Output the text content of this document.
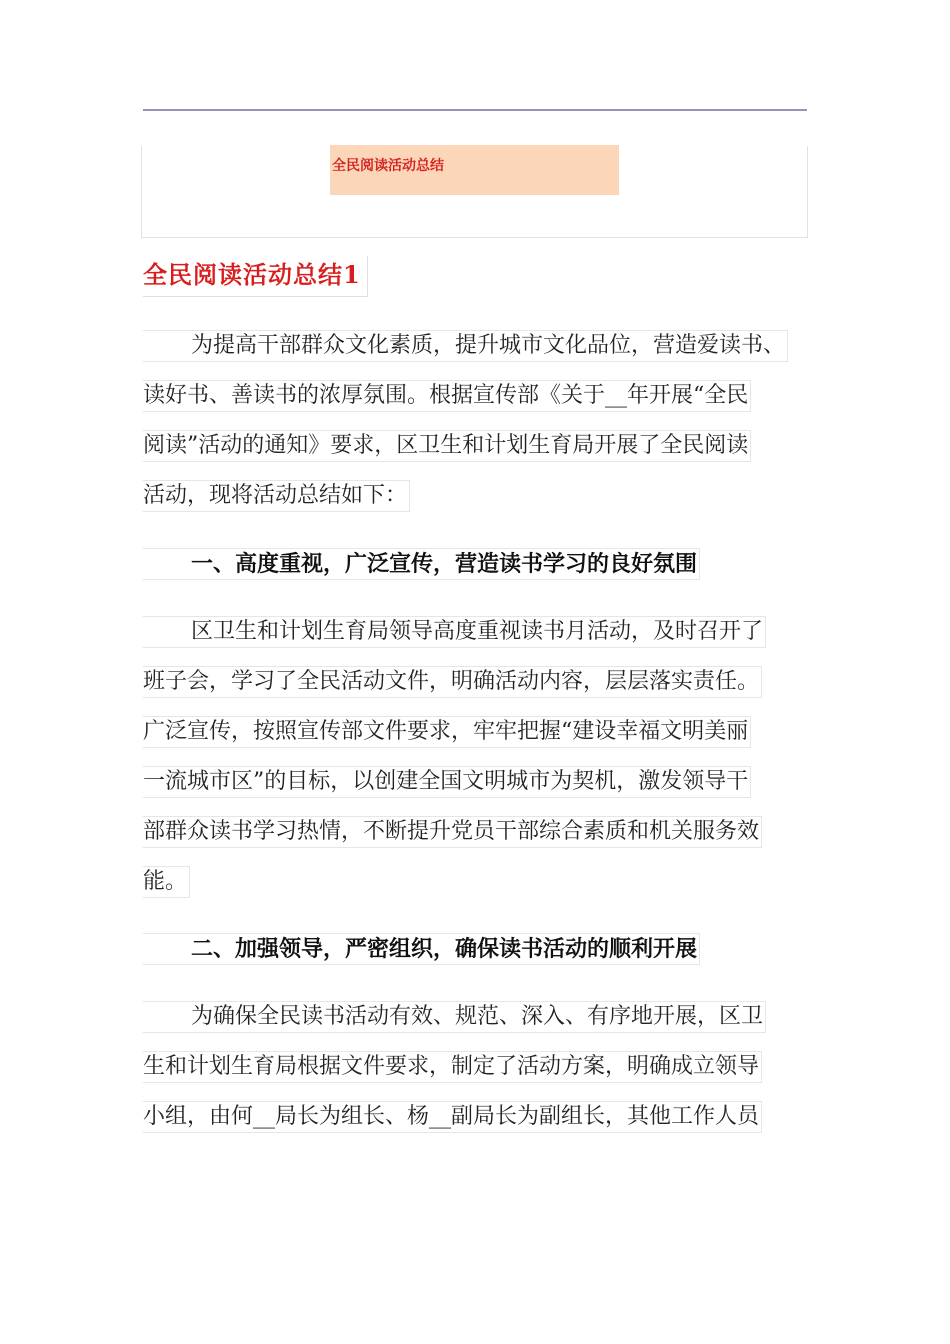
全民阅读活动总结
全民阅读活动总结1
为提高干部群众文化素质，提升城市文化品位，营造爱读书、
读好书、善读书的浓厚氛围。根据宣传部《关于__年开展“全民
阅读”活动的通知》要求，区卫生和计划生育局开展了全民阅读
活动，现将活动总结如下：
一、高度重视，广泛宣传，营造读书学习的良好氛围
区卫生和计划生育局领导高度重视读书月活动，及时召开了
班子会，学习了全民活动文件，明确活动内容，层层落实责任。
广泛宣传，按照宣传部文件要求，牢牢把握“建设幸福文明美丽
一流城市区”的目标，以创建全国文明城市为契机，激发领导干
部群众读书学习热情，不断提升党员干部综合素质和机关服务效
能。
二、加强领导，严密组织，确保读书活动的顺利开展
为确保全民读书活动有效、规范、深入、有序地开展，区卫
生和计划生育局根据文件要求，制定了活动方案，明确成立领导
小组，由何__局长为组长、杨__副局长为副组长，其他工作人员
